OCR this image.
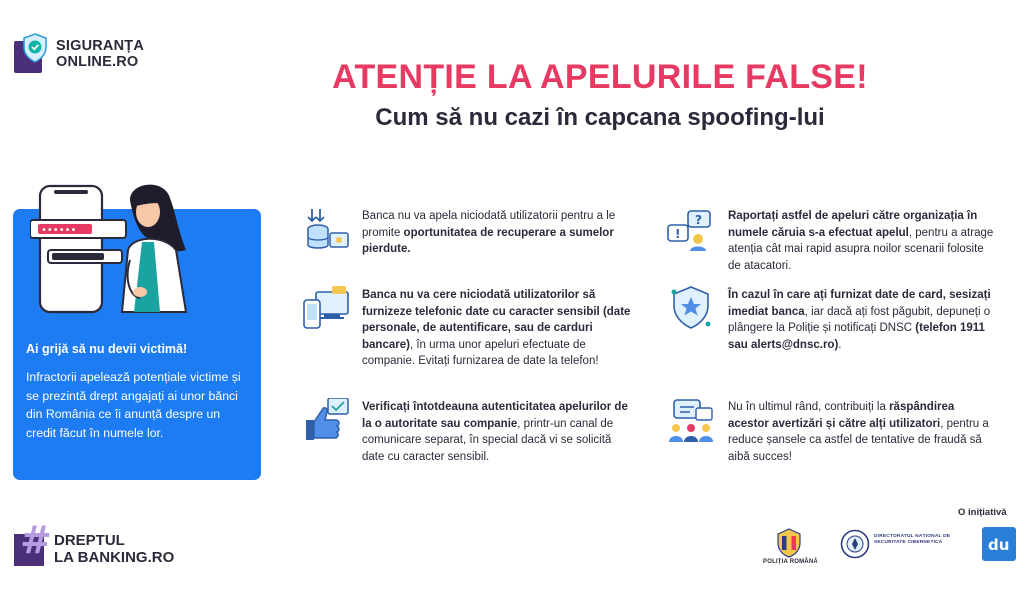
SIGURANȚA
ONLINE.RO	ATENȚIE LA APELURILE FALSE!
Cum să nu cazi în capcana spoofing-lui
••••••
Ai grijă să nu devii victimă!
Infractorii apelează potențiale victime și se prezintă drept angajați ai unor bănci din România ce îi anunță despre un credit făcut în numele lor.
Banca nu va apela niciodată utilizatorii pentru a le promite oportunitatea de recuperare a sumelor pierdute.
Banca nu va cere niciodată utilizatorilor să furnizeze telefonic date cu caracter sensibil (date personale, de autentificare, sau de carduri bancare), în urma unor apeluri efectuate de companie. Evitați furnizarea de date la telefon!
Verificați întotdeauna autenticitatea apelurilor de la o autoritate sau companie, printr-un canal de comunicare separat, în special dacă vi se solicită date cu caracter sensibil.
!
? Raportați astfel de apeluri către organizația în numele căruia s-a efectuat apelul, pentru a atrage atenția cât mai rapid asupra noilor scenarii folosite de atacatori.
În cazul în care ați furnizat date de card, sesizați imediat banca, iar dacă ați fost păgubit, depuneți o plângere la Poliție și notificați DNSC (telefon 1911 sau alerts@dnsc.ro).
Nu în ultimul rând, contribuiți la răspândirea acestor avertizări și către alți utilizatori, pentru a reduce șansele ca astfel de tentative de fraudă să aibă succes!
# DREPTUL
LA BANKING.RO
O inițiativă
POLIȚIA ROMÂNĂ
DIRECTORATUL NAȚIONAL DE SECURITATE CIBERNETICĂ	du
